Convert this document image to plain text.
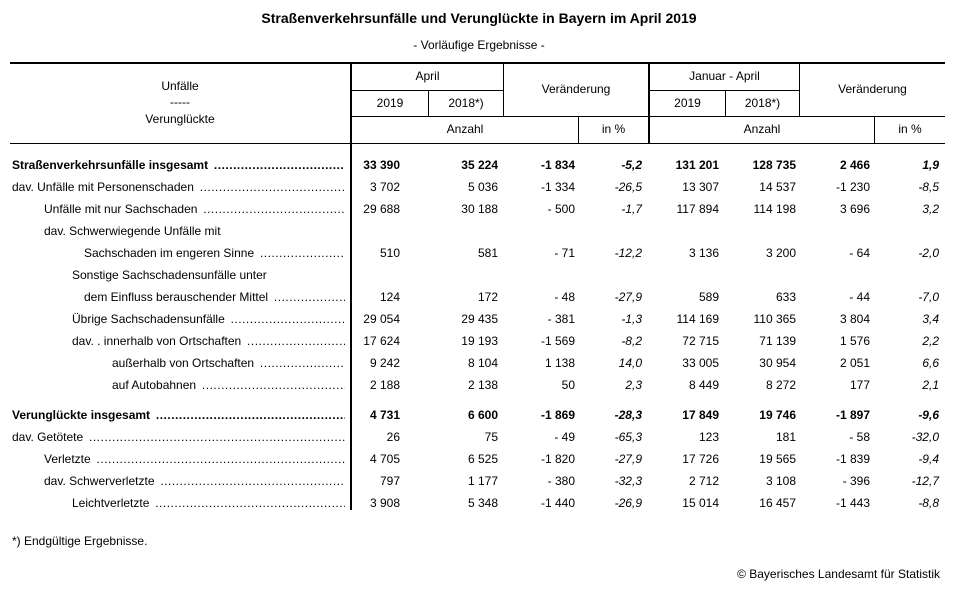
Straßenverkehrsunfälle und Verunglückte in Bayern im April 2019
- Vorläufige Ergebnisse -
Unfälle
-----
Verunglückte
April
2019	2018*)
Veränderung
Anzahl	in %
Januar - April
2019	2018*)
Veränderung
Anzahl	in %
Straßenverkehrsunfälle insgesamt .....	33 390	35 224	-1 834	-5,2	131 201	128 735	2 466	1,9
dav. Unfälle mit Personenschaden .....	3 702	5 036	-1 334	-26,5	13 307	14 537	-1 230	-8,5
Unfälle mit nur Sachschaden .....	29 688	30 188	- 500	-1,7	117 894	114 198	3 696	3,2
dav. Schwerwiegende Unfälle mit
Sachschaden im engeren Sinne .....	510	581	- 71	-12,2	3 136	3 200	- 64	-2,0
Sonstige Sachschadensunfälle unter
dem Einfluss berauschender Mittel .....	124	172	- 48	-27,9	589	633	- 44	-7,0
Übrige Sachschadensunfälle .....	29 054	29 435	- 381	-1,3	114 169	110 365	3 804	3,4
dav. . innerhalb von Ortschaften .....	17 624	19 193	-1 569	-8,2	72 715	71 139	1 576	2,2
außerhalb von Ortschaften .....	9 242	8 104	1 138	14,0	33 005	30 954	2 051	6,6
auf Autobahnen .....	2 188	2 138	50	2,3	8 449	8 272	177	2,1
Verunglückte insgesamt .....	4 731	6 600	-1 869	-28,3	17 849	19 746	-1 897	-9,6
dav. Getötete .....	26	75	- 49	-65,3	123	181	- 58	-32,0
Verletzte .....	4 705	6 525	-1 820	-27,9	17 726	19 565	-1 839	-9,4
dav. Schwerverletzte .....	797	1 177	- 380	-32,3	2 712	3 108	- 396	-12,7
Leichtverletzte .....	3 908	5 348	-1 440	-26,9	15 014	16 457	-1 443	-8,8
*) Endgültige Ergebnisse.
© Bayerisches Landesamt für Statistik
